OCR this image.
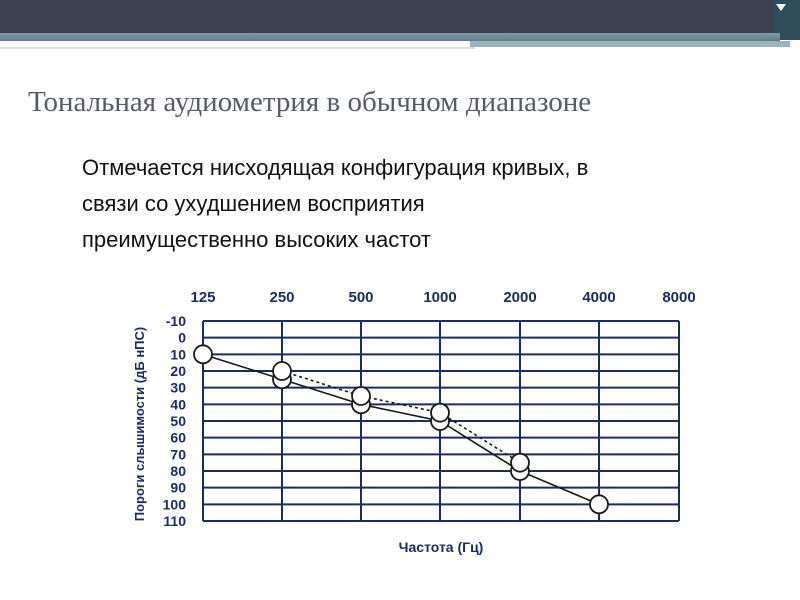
Тональная аудиометрия в обычном диапазоне
Отмечается нисходящая конфигурация кривых, в
связи со ухудшением восприятия
преимущественно высоких частот
125	250	500	1000	2000	4000	8000
-10
0
10
20
30
40
50
60
70
80
90
100
110
Частота (Гц)
Пороги слышимости (дБ нПС)
